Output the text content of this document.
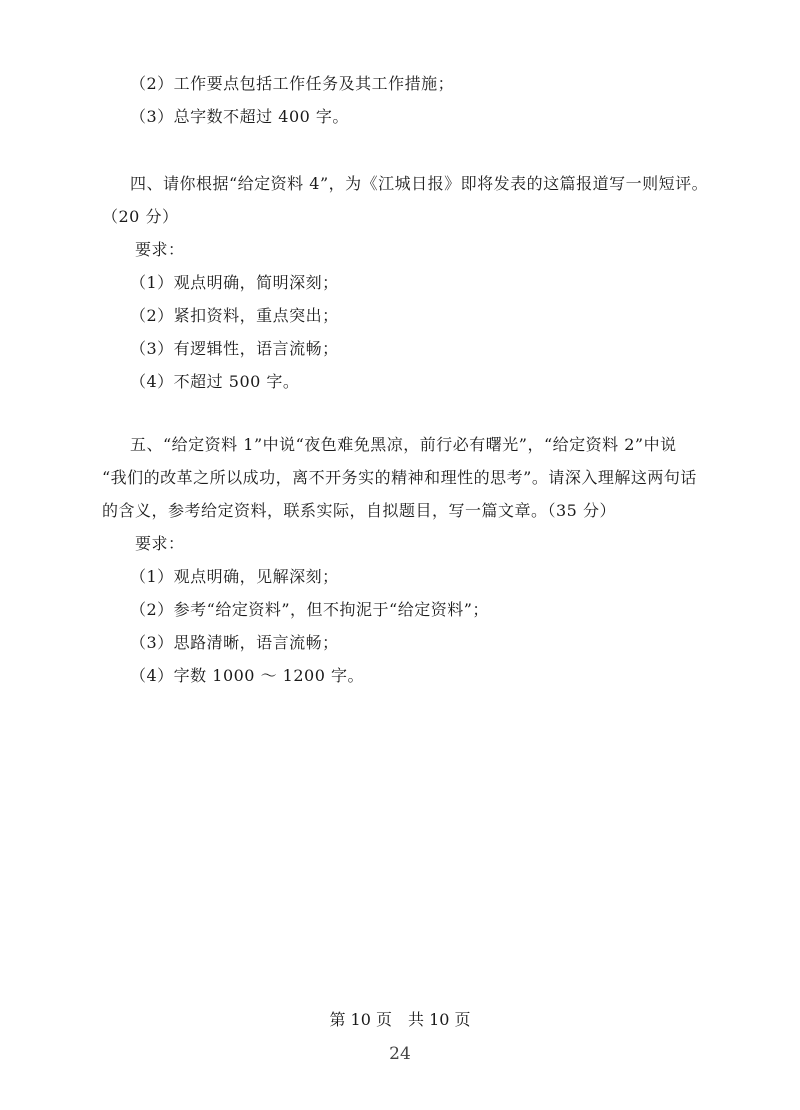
（2）工作要点包括工作任务及其工作措施；
（3）总字数不超过 400 字。
四、请你根据“给定资料 4”，为《江城日报》即将发表的这篇报道写一则短评。
（20 分）
要求：
（1）观点明确，简明深刻；
（2）紧扣资料，重点突出；
（3）有逻辑性，语言流畅；
（4）不超过 500 字。
五、“给定资料 1”中说“夜色难免黑凉，前行必有曙光”，“给定资料 2”中说
“我们的改革之所以成功，离不开务实的精神和理性的思考”。请深入理解这两句话
的含义，参考给定资料，联系实际，自拟题目，写一篇文章。（35 分）
要求：
（1）观点明确，见解深刻；
（2）参考“给定资料”，但不拘泥于“给定资料”；
（3）思路清晰，语言流畅；
（4）字数 1000 ～ 1200 字。
第 10 页　共 10 页
24
